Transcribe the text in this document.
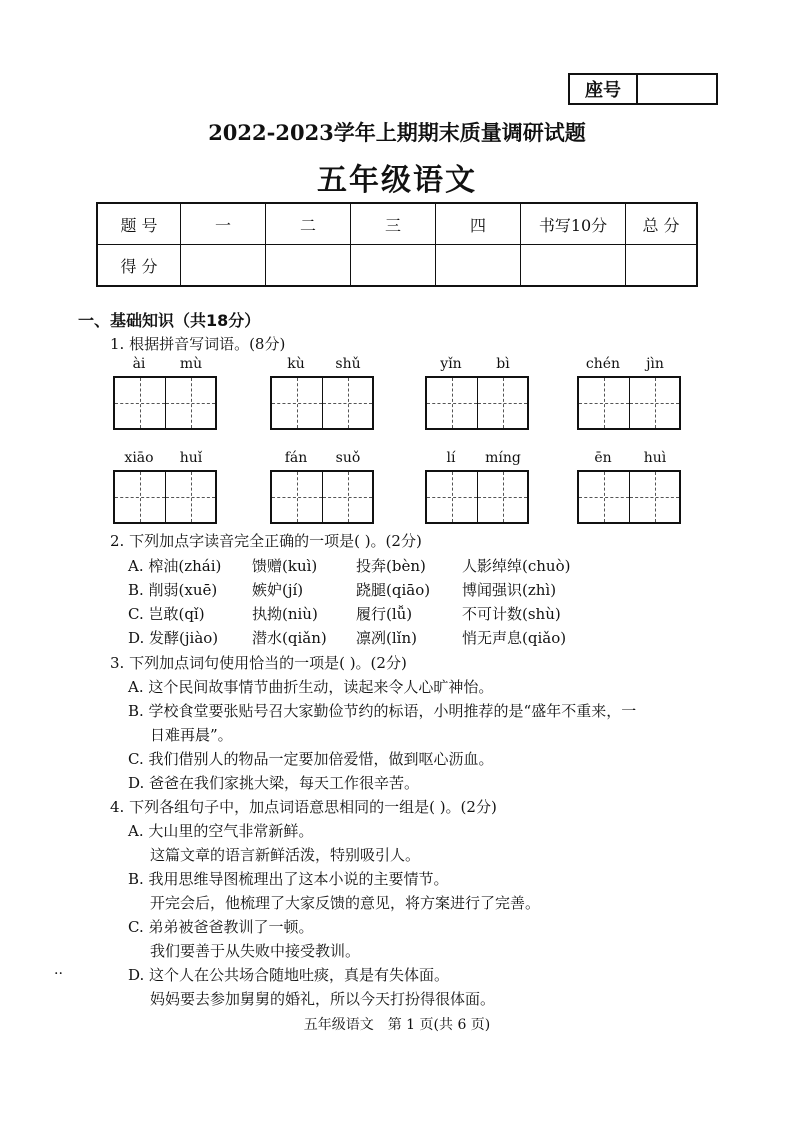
座号
2022-2023学年上期期末质量调研试题
五年级语文
题 号	一	二	三	四	书写10分	总 分
得 分						
一、基础知识（共18分）
1. 根据拼音写词语。(8分)
ài	mù	kù	shǔ	yǐn	bì	chén	jìn
xiāo	huǐ	fán	suǒ	lí	míng	ēn	huì
2. 下列加点字读音完全正确的一项是( )。(2分)
A. 榨油(zhái) 馈赠(kuì)	投奔(bèn) 人影绰绰(chuò)
B. 削弱(xuē) 嫉妒(jí)	跷腿(qiāo) 博闻强识(zhì)
C. 岂敢(qǐ)	执拗(niù)	履行(lǚ)	不可计数(shù)
D. 发酵(jiào) 潜水(qiǎn) 凛冽(lǐn)	悄无声息(qiǎo)
3. 下列加点词句使用恰当的一项是( )。(2分)
A. 这个民间故事情节曲折生动，读起来令人心旷神怡。
B. 学校食堂要张贴号召大家勤俭节约的标语，小明推荐的是“盛年不重来，一
日难再晨”。
C. 我们借别人的物品一定要加倍爱惜，做到呕心沥血。
D. 爸爸在我们家挑大梁，每天工作很辛苦。
4. 下列各组句子中，加点词语意思相同的一组是( )。(2分)
A. 大山里的空气非常新鲜。
这篇文章的语言新鲜活泼，特别吸引人。
B. 我用思维导图梳理出了这本小说的主要情节。
开完会后，他梳理了大家反馈的意见，将方案进行了完善。
C. 弟弟被爸爸教训了一顿。
我们要善于从失败中接受教训。
D. 这个人在公共场合随地吐痰，真是有失体面。
妈妈要去参加舅舅的婚礼，所以今天打扮得很体面。
..
五年级语文　第 1 页(共 6 页)
